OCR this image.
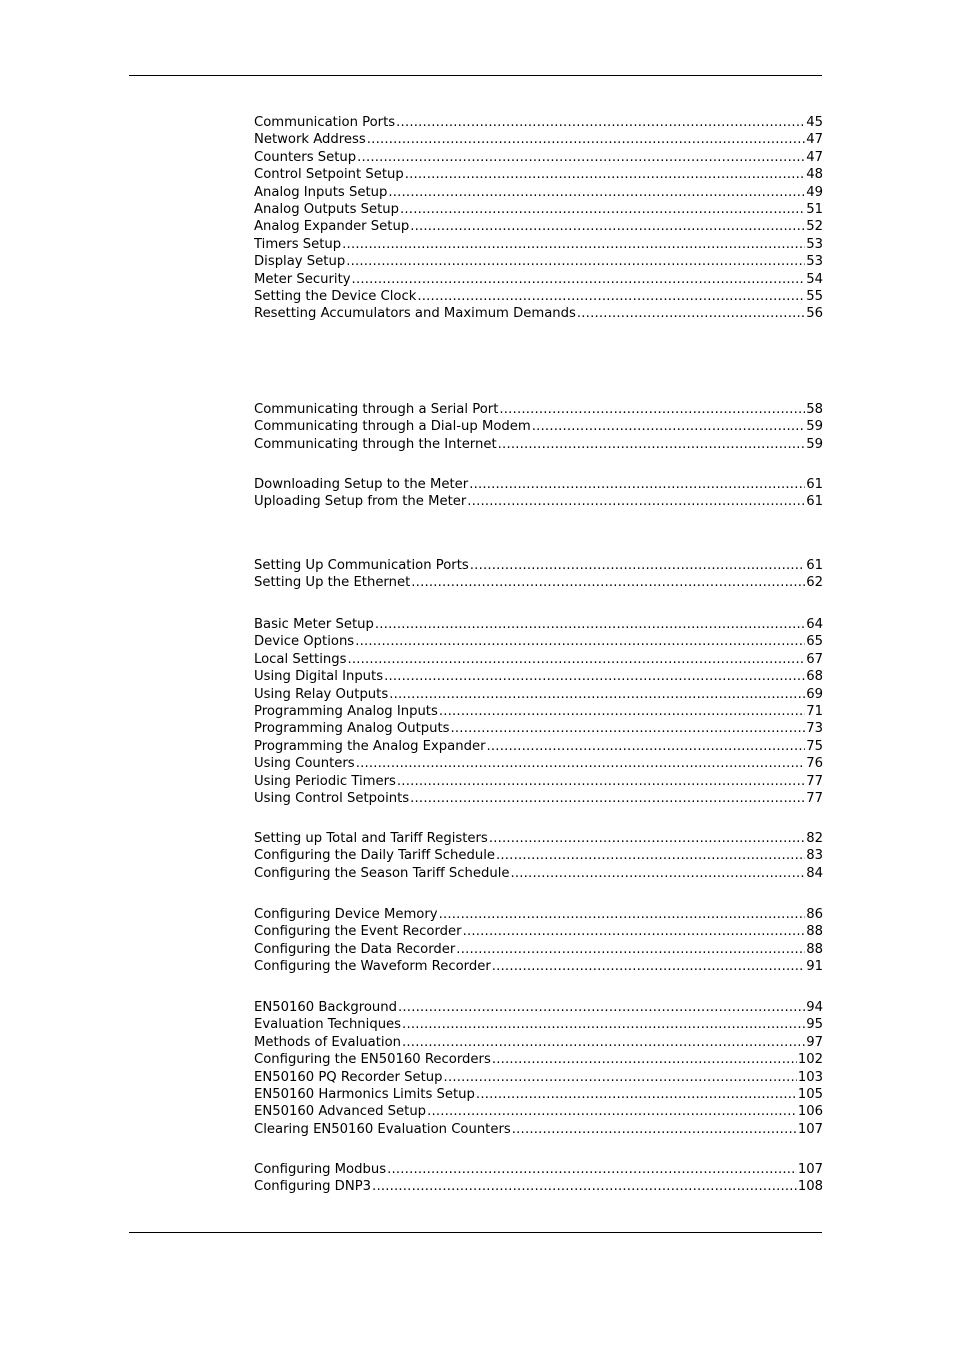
Communication Ports .....	45
Network Address .....	47
Counters Setup .....	47
Control Setpoint Setup .....	48
Analog Inputs Setup .....	49
Analog Outputs Setup .....	51
Analog Expander Setup .....	52
Timers Setup .....	53
Display Setup .....	53
Meter Security .....	54
Setting the Device Clock .....	55
Resetting Accumulators and Maximum Demands .....	56
Communicating through a Serial Port .....	58
Communicating through a Dial-up Modem .....	59
Communicating through the Internet .....	59
Downloading Setup to the Meter .....	61
Uploading Setup from the Meter .....	61
Setting Up Communication Ports .....	61
Setting Up the Ethernet .....	62
Basic Meter Setup .....	64
Device Options .....	65
Local Settings .....	67
Using Digital Inputs .....	68
Using Relay Outputs .....	69
Programming Analog Inputs .....	71
Programming Analog Outputs .....	73
Programming the Analog Expander .....	75
Using Counters .....	76
Using Periodic Timers .....	77
Using Control Setpoints .....	77
Setting up Total and Tariff Registers .....	82
Configuring the Daily Tariff Schedule .....	83
Configuring the Season Tariff Schedule .....	84
Configuring Device Memory .....	86
Configuring the Event Recorder .....	88
Configuring the Data Recorder .....	88
Configuring the Waveform Recorder .....	91
EN50160 Background .....	94
Evaluation Techniques .....	95
Methods of Evaluation .....	97
Configuring the EN50160 Recorders .....	102
EN50160 PQ Recorder Setup .....	103
EN50160 Harmonics Limits Setup .....	105
EN50160 Advanced Setup .....	106
Clearing EN50160 Evaluation Counters .....	107
Configuring Modbus .....	107
Configuring DNP3 .....	108
